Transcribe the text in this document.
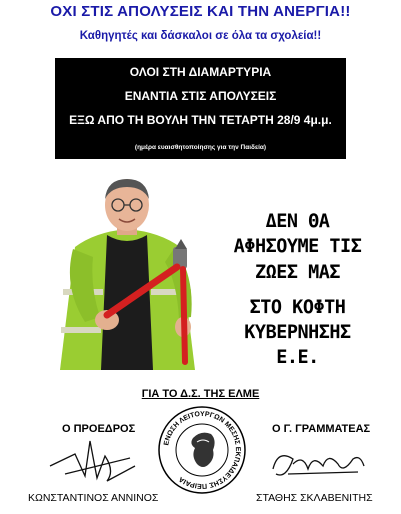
ΟΧΙ ΣΤΙΣ ΑΠΟΛΥΣΕΙΣ ΚΑΙ ΤΗΝ ΑΝΕΡΓΙΑ!!
Καθηγητές και δάσκαλοι σε όλα τα σχολεία!!
ΟΛΟΙ ΣΤΗ ΔΙΑΜΑΡΤΥΡΙΑ
ΕΝΑΝΤΙΑ ΣΤΙΣ ΑΠΟΛΥΣΕΙΣ
ΕΞΩ ΑΠΟ ΤΗ ΒΟΥΛΗ ΤΗΝ ΤΕΤΑΡΤΗ 28/9 4μ.μ.
(ημέρα ευαισθητοποίησης για την Παιδεία)
ΔΕΝ ΘΑ
ΑΦΗΣΟΥΜΕ ΤΙΣ
ΖΩΕΣ ΜΑΣ
ΣΤΟ ΚΟΦΤΗ
ΚΥΒΕΡΝΗΣΗΣ
Ε.Ε.
ΓΙΑ ΤΟ Δ.Σ. ΤΗΣ ΕΛΜΕ
Ο ΠΡΟΕΔΡΟΣ	Ο Γ. ΓΡΑΜΜΑΤΕΑΣ
ΕΝΩΣΗ ΛΕΙΤΟΥΡΓΩΝ ΜΕΣΗΣ ΕΚΠΑΙΔΕΥΣΗΣ ΠΕΙΡΑΙΑ
ΚΩΝΣΤΑΝΤΙΝΟΣ ΑΝΝΙΝΟΣ	ΣΤΑΘΗΣ ΣΚΛΑΒΕΝΙΤΗΣ
